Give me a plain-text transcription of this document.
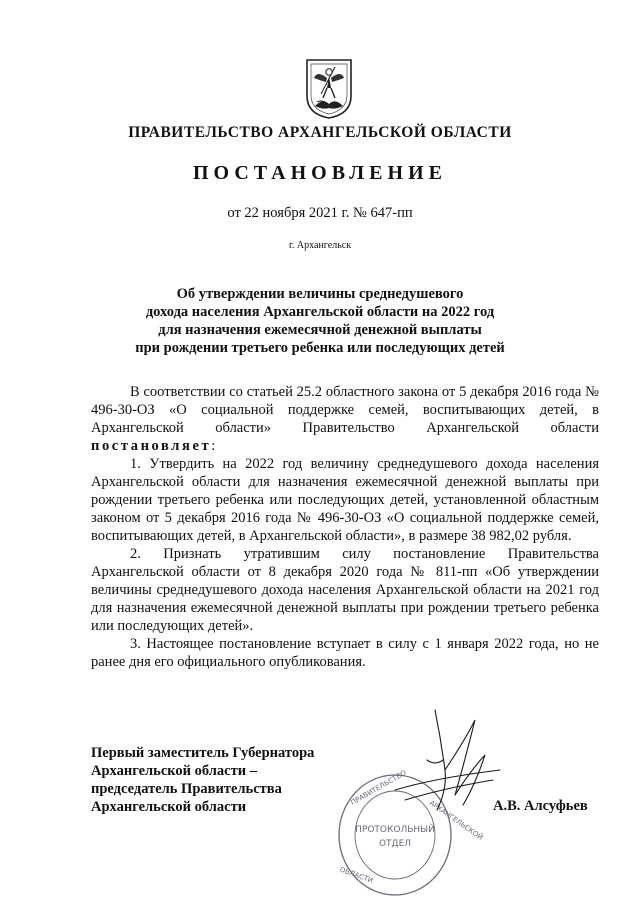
ПРАВИТЕЛЬСТВО АРХАНГЕЛЬСКОЙ ОБЛАСТИ
ПОСТАНОВЛЕНИЕ
от 22 ноября 2021 г. № 647-пп
г. Архангельск
Об утверждении величины среднедушевого
дохода населения Архангельской области на 2022 год
для назначения ежемесячной денежной выплаты
при рождении третьего ребенка или последующих детей

В соответствии со статьей 25.2 областного закона от 5 декабря 2016 года № 496-30-ОЗ «О социальной поддержке семей, воспитывающих детей, в Архангельской области» Правительство Архангельской области постановляет:

1. Утвердить на 2022 год величину среднедушевого дохода населения Архангельской области для назначения ежемесячной денежной выплаты при рождении третьего ребенка или последующих детей, установленной областным законом от 5 декабря 2016 года № 496-30-ОЗ «О социальной поддержке семей, воспитывающих детей, в Архангельской области», в размере 38 982,02 рубля.

2. Признать утратившим силу постановление Правительства Архангельской области от 8 декабря 2020 года № 811-пп «Об утверждении величины среднедушевого дохода населения Архангельской области на 2021 год для назначения ежемесячной денежной выплаты при рождении третьего ребенка или последующих детей».

3. Настоящее постановление вступает в силу с 1 января 2022 года, но не ранее дня его официального опубликования.

Первый заместитель Губернатора
Архангельской области –
председатель Правительства
Архангельской области	ПРАВИТЕЛЬСТВО
АРХАНГЕЛЬСКОЙ
ОБЛАСТИ
ПРОТОКОЛЬНЫЙ
ОТДЕЛ
А.В. Алсуфьев
